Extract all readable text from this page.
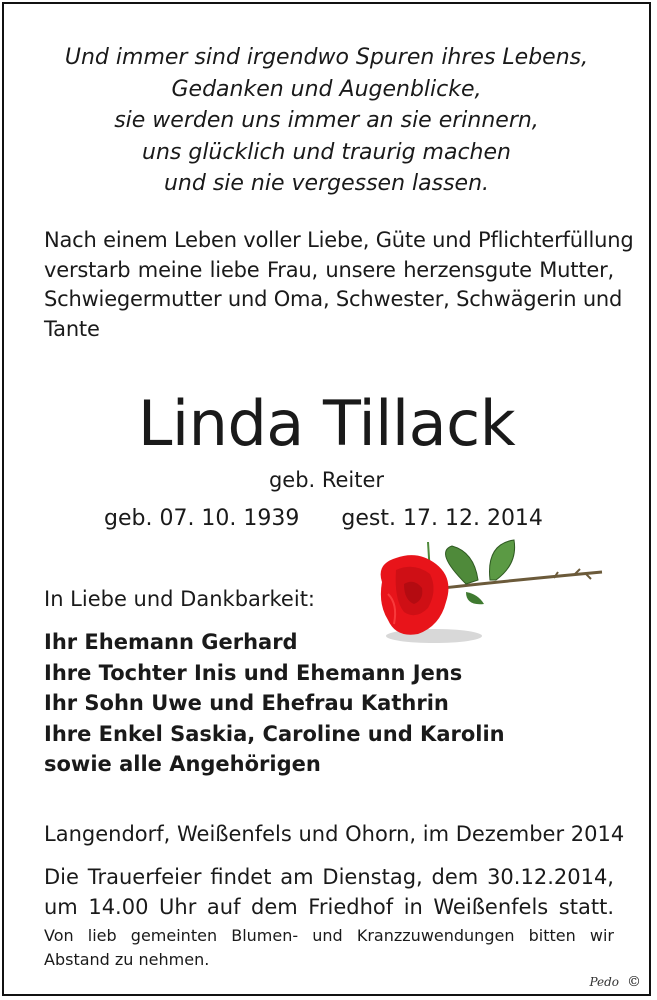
Und immer sind irgendwo Spuren ihres Lebens,
Gedanken und Augenblicke,
sie werden uns immer an sie erinnern,
uns glücklich und traurig machen
und sie nie vergessen lassen.
Nach einem Leben voller Liebe, Güte und Pflichterfüllung
verstarb meine liebe Frau, unsere herzensgute Mutter,
Schwiegermutter und Oma, Schwester, Schwägerin und
Tante
Linda Tillack
geb. Reiter
geb. 07. 10. 1939 gest. 17. 12. 2014
In Liebe und Dankbarkeit:
Ihr Ehemann Gerhard
Ihre Tochter Inis und Ehemann Jens
Ihr Sohn Uwe und Ehefrau Kathrin
Ihre Enkel Saskia, Caroline und Karolin
sowie alle Angehörigen
Langendorf, Weißenfels und Ohorn, im Dezember 2014
Die Trauerfeier findet am Dienstag, dem 30.12.2014,
um 14.00 Uhr auf dem Friedhof in Weißenfels statt.
Von lieb gemeinten Blumen- und Kranzzuwendungen bitten wir
Abstand zu nehmen.
Pedo ©
